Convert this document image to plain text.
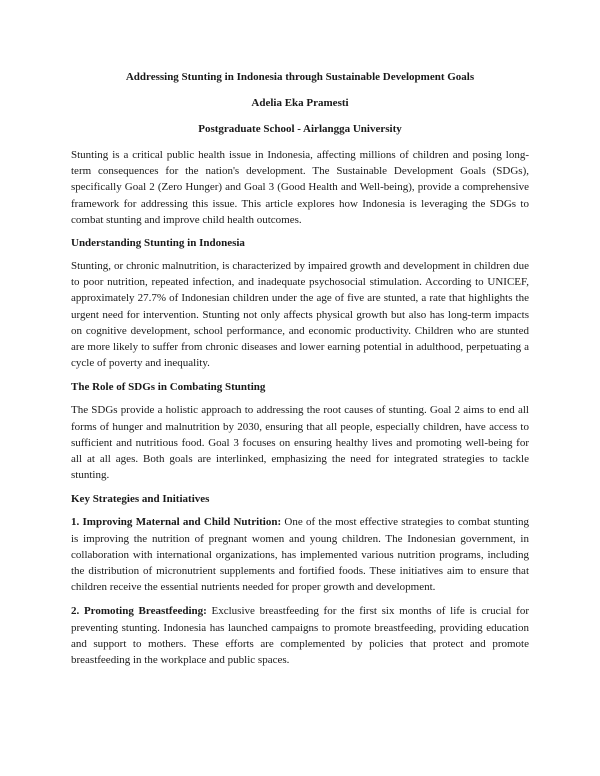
Addressing Stunting in Indonesia through Sustainable Development Goals
Adelia Eka Pramesti
Postgraduate School - Airlangga University

Stunting is a critical public health issue in Indonesia, affecting millions of children and posing long-term consequences for the nation's development. The Sustainable Development Goals (SDGs), specifically Goal 2 (Zero Hunger) and Goal 3 (Good Health and Well-being), provide a comprehensive framework for addressing this issue. This article explores how Indonesia is leveraging the SDGs to combat stunting and improve child health outcomes.

Understanding Stunting in Indonesia

Stunting, or chronic malnutrition, is characterized by impaired growth and development in children due to poor nutrition, repeated infection, and inadequate psychosocial stimulation. According to UNICEF, approximately 27.7% of Indonesian children under the age of five are stunted, a rate that highlights the urgent need for intervention. Stunting not only affects physical growth but also has long-term impacts on cognitive development, school performance, and economic productivity. Children who are stunted are more likely to suffer from chronic diseases and lower earning potential in adulthood, perpetuating a cycle of poverty and inequality.

The Role of SDGs in Combating Stunting

The SDGs provide a holistic approach to addressing the root causes of stunting. Goal 2 aims to end all forms of hunger and malnutrition by 2030, ensuring that all people, especially children, have access to sufficient and nutritious food. Goal 3 focuses on ensuring healthy lives and promoting well-being for all at all ages. Both goals are interlinked, emphasizing the need for integrated strategies to tackle stunting.

Key Strategies and Initiatives

1. Improving Maternal and Child Nutrition: One of the most effective strategies to combat stunting is improving the nutrition of pregnant women and young children. The Indonesian government, in collaboration with international organizations, has implemented various nutrition programs, including the distribution of micronutrient supplements and fortified foods. These initiatives aim to ensure that children receive the essential nutrients needed for proper growth and development.

2. Promoting Breastfeeding: Exclusive breastfeeding for the first six months of life is crucial for preventing stunting. Indonesia has launched campaigns to promote breastfeeding, providing education and support to mothers. These efforts are complemented by policies that protect and promote breastfeeding in the workplace and public spaces.
